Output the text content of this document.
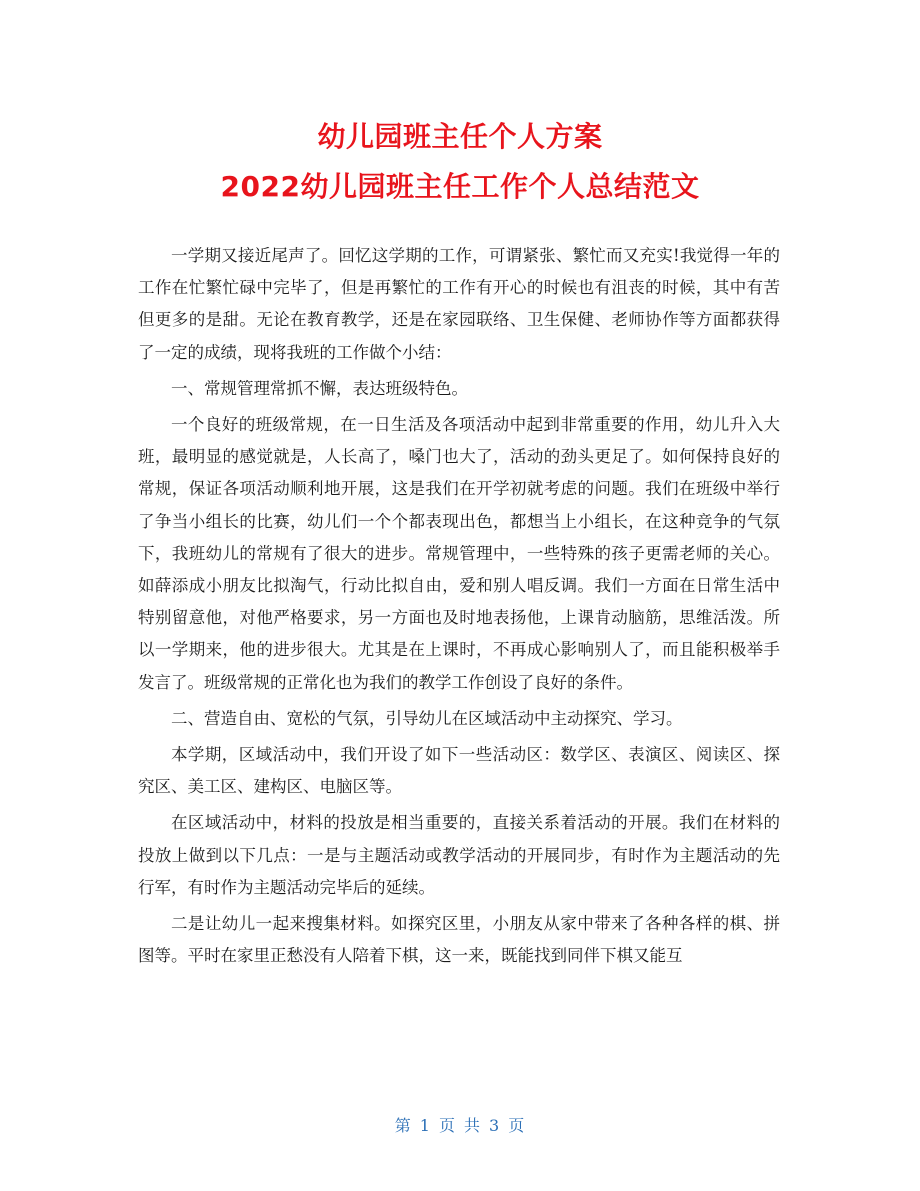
幼儿园班主任个人方案

2022幼儿园班主任工作个人总结范文

一学期又接近尾声了。回忆这学期的工作，可谓紧张、繁忙而又充实!我觉得一年的工作在忙繁忙碌中完毕了，但是再繁忙的工作有开心的时候也有沮丧的时候，其中有苦但更多的是甜。无论在教育教学，还是在家园联络、卫生保健、老师协作等方面都获得了一定的成绩，现将我班的工作做个小结：

一、常规管理常抓不懈，表达班级特色。

一个良好的班级常规，在一日生活及各项活动中起到非常重要的作用，幼儿升入大班，最明显的感觉就是，人长高了，嗓门也大了，活动的劲头更足了。如何保持良好的常规，保证各项活动顺利地开展，这是我们在开学初就考虑的问题。我们在班级中举行了争当小组长的比赛，幼儿们一个个都表现出色，都想当上小组长，在这种竞争的气氛下，我班幼儿的常规有了很大的进步。常规管理中，一些特殊的孩子更需老师的关心。如薛添成小朋友比拟淘气，行动比拟自由，爱和别人唱反调。我们一方面在日常生活中特别留意他，对他严格要求，另一方面也及时地表扬他，上课肯动脑筋，思维活泼。所以一学期来，他的进步很大。尤其是在上课时，不再成心影响别人了，而且能积极举手发言了。班级常规的正常化也为我们的教学工作创设了良好的条件。

二、营造自由、宽松的气氛，引导幼儿在区域活动中主动探究、学习。

本学期，区域活动中，我们开设了如下一些活动区：数学区、表演区、阅读区、探究区、美工区、建构区、电脑区等。

在区域活动中，材料的投放是相当重要的，直接关系着活动的开展。我们在材料的投放上做到以下几点：一是与主题活动或教学活动的开展同步，有时作为主题活动的先行军，有时作为主题活动完毕后的延续。

二是让幼儿一起来搜集材料。如探究区里，小朋友从家中带来了各种各样的棋、拼图等。平时在家里正愁没有人陪着下棋，这一来，既能找到同伴下棋又能互

第 1 页 共 3 页
